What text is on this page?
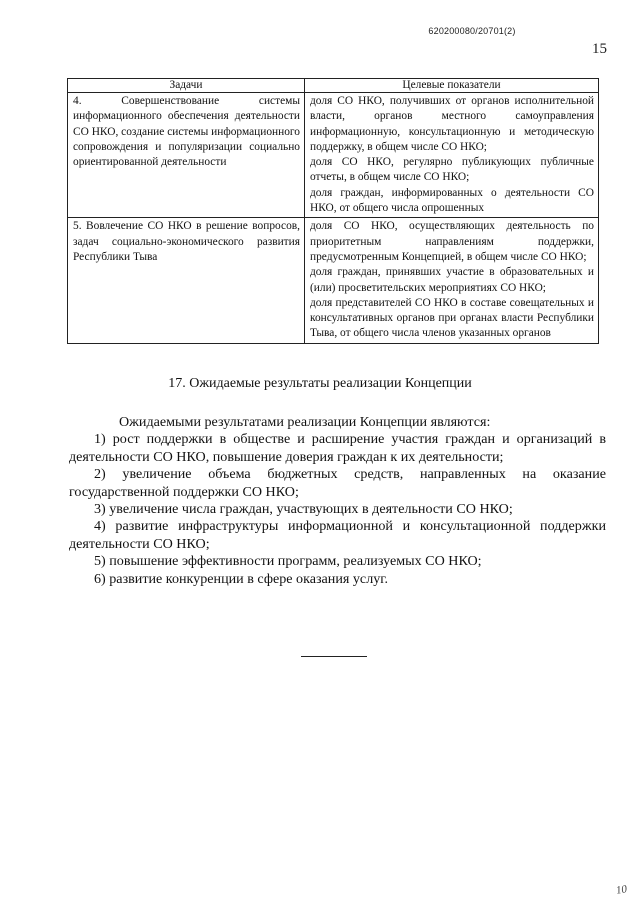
620200080/20701(2)
15
Задачи	Целевые показатели
4. Совершенствование системы информационного обеспечения деятельности СО НКО, создание системы информационного сопровождения и популяризации социально ориентированной деятельности	доля СО НКО, получивших от органов исполнительной власти, органов местного самоуправления информационную, консультационную и методическую поддержку, в общем числе СО НКО;
доля СО НКО, регулярно публикующих публичные отчеты, в общем числе СО НКО;
доля граждан, информированных о деятельности СО НКО, от общего числа опрошенных

5. Вовлечение СО НКО в решение вопросов, задач социально-экономического развития Республики Тыва	доля СО НКО, осуществляющих деятельность по приоритетным направлениям поддержки, предусмотренным Концепцией, в общем числе СО НКО;
доля граждан, принявших участие в образовательных и (или) просветительских мероприятиях СО НКО;
доля представителей СО НКО в составе совещательных и консультативных органов при органах власти Республики Тыва, от общего числа членов указанных органов
17. Ожидаемые результаты реализации Концепции

Ожидаемыми результатами реализации Концепции являются:

1) рост поддержки в обществе и расширение участия граждан и организаций в деятельности СО НКО, повышение доверия граждан к их деятельности;

2) увеличение объема бюджетных средств, направленных на оказание государственной поддержки СО НКО;

3) увеличение числа граждан, участвующих в деятельности СО НКО;

4) развитие инфраструктуры информационной и консультационной поддержки деятельности СО НКО;

5) повышение эффективности программ, реализуемых СО НКО;

6) развитие конкуренции в сфере оказания услуг.

10
